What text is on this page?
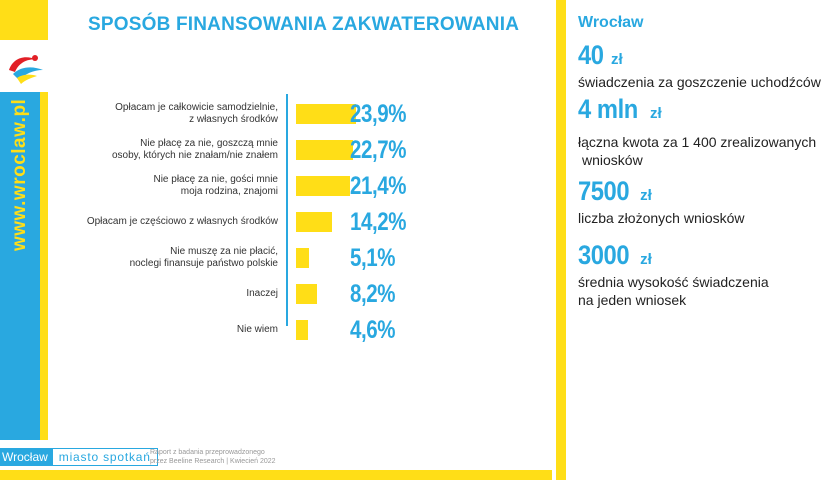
www.wroclaw.pl
SPOSÓB FINANSOWANIA ZAKWATEROWANIA
Opłacam je całkowicie samodzielnie,
z własnych środków	23,9%
Nie płacę za nie, goszczą mnie
osoby, których nie znałam/nie znałem	22,7%
Nie płacę za nie, gości mnie
moja rodzina, znajomi	21,4%
Opłacam je częściowo z własnych środków	14,2%
Nie muszę za nie płacić,
noclegi finansuje państwo polskie	5,1%
Inaczej	8,2%
Nie wiem	4,6%
Wrocław
40 zł
świadczenia za goszczenie uchodźców
4 mln zł
łączna kwota za 1 400 zrealizowanych
wniosków
7500 zł
liczba złożonych wniosków
3000 zł
średnia wysokość świadczenia
na jeden wniosek
Wrocław miasto spotkań Raport z badania przeprowadzonego
przez Beeline Research | Kwiecień 2022
